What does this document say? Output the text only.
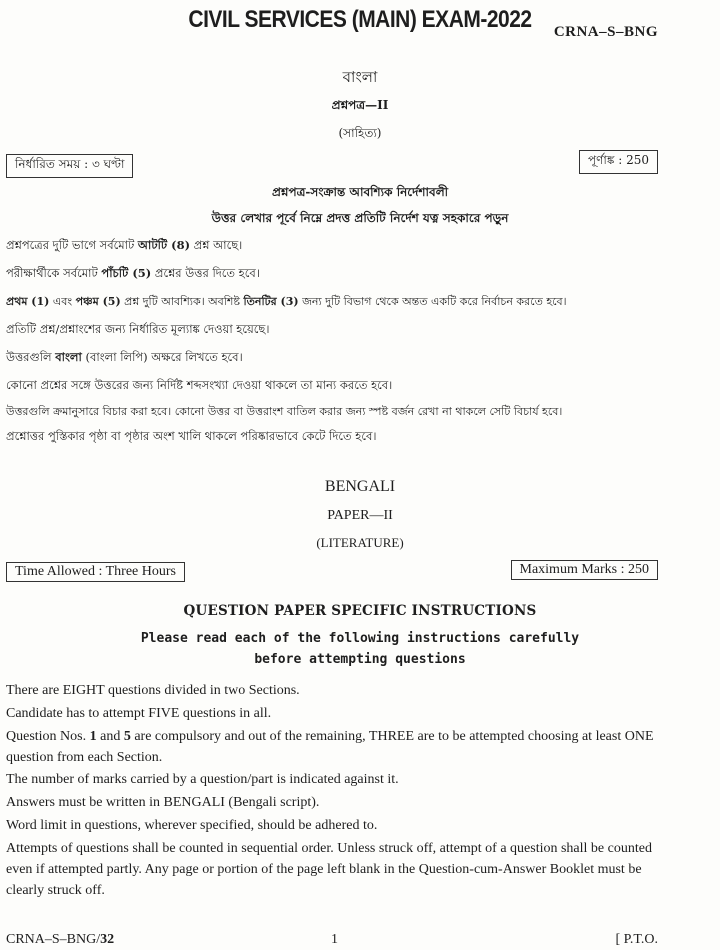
CIVIL SERVICES (MAIN) EXAM-2022	CRNA–S–BNG
বাংলা
প্রশ্নপত্র—II
(সাহিত্য)
নির্ধারিত সময় : ৩ ঘণ্টা	পূর্ণাঙ্ক : 250
প্রশ্নপত্র-সংক্রান্ত আবশ্যিক নির্দেশাবলী
উত্তর লেখার পূর্বে নিম্নে প্রদত্ত প্রতিটি নির্দেশ যত্ন সহকারে পড়ুন
প্রশ্নপত্রের দুটি ভাগে সর্বমোট আটটি (8) প্রশ্ন আছে।
পরীক্ষার্থীকে সর্বমোট পাঁচটি (5) প্রশ্নের উত্তর দিতে হবে।
প্রথম (1) এবং পঞ্চম (5) প্রশ্ন দুটি আবশ্যিক। অবশিষ্ট তিনটির (3) জন্য দুটি বিভাগ থেকে অন্তত একটি করে নির্বাচন করতে হবে।
প্রতিটি প্রশ্ন/প্রশ্নাংশের জন্য নির্ধারিত মূল্যাঙ্ক দেওয়া হয়েছে।
উত্তরগুলি বাংলা (বাংলা লিপি) অক্ষরে লিখতে হবে।
কোনো প্রশ্নের সঙ্গে উত্তরের জন্য নির্দিষ্ট শব্দসংখ্যা দেওয়া থাকলে তা মান্য করতে হবে।
উত্তরগুলি ক্রমানুসারে বিচার করা হবে। কোনো উত্তর বা উত্তরাংশ বাতিল করার জন্য স্পষ্ট বর্জন রেখা না থাকলে সেটি বিচার্য হবে।
প্রশ্নোত্তর পুস্তিকার পৃষ্ঠা বা পৃষ্ঠার অংশ খালি থাকলে পরিষ্কারভাবে কেটে দিতে হবে।
BENGALI
PAPER—II
(LITERATURE)
Time Allowed : Three Hours	Maximum Marks : 250
QUESTION PAPER SPECIFIC INSTRUCTIONS
Please read each of the following instructions carefully
before attempting questions
There are EIGHT questions divided in two Sections.
Candidate has to attempt FIVE questions in all.
Question Nos. 1 and 5 are compulsory and out of the remaining, THREE are to be attempted choosing at least ONE question from each Section.
The number of marks carried by a question/part is indicated against it.
Answers must be written in BENGALI (Bengali script).
Word limit in questions, wherever specified, should be adhered to.
Attempts of questions shall be counted in sequential order. Unless struck off, attempt of a question shall be counted even if attempted partly. Any page or portion of the page left blank in the Question-cum-Answer Booklet must be clearly struck off.
CRNA–S–BNG/32	1	[ P.T.O.
